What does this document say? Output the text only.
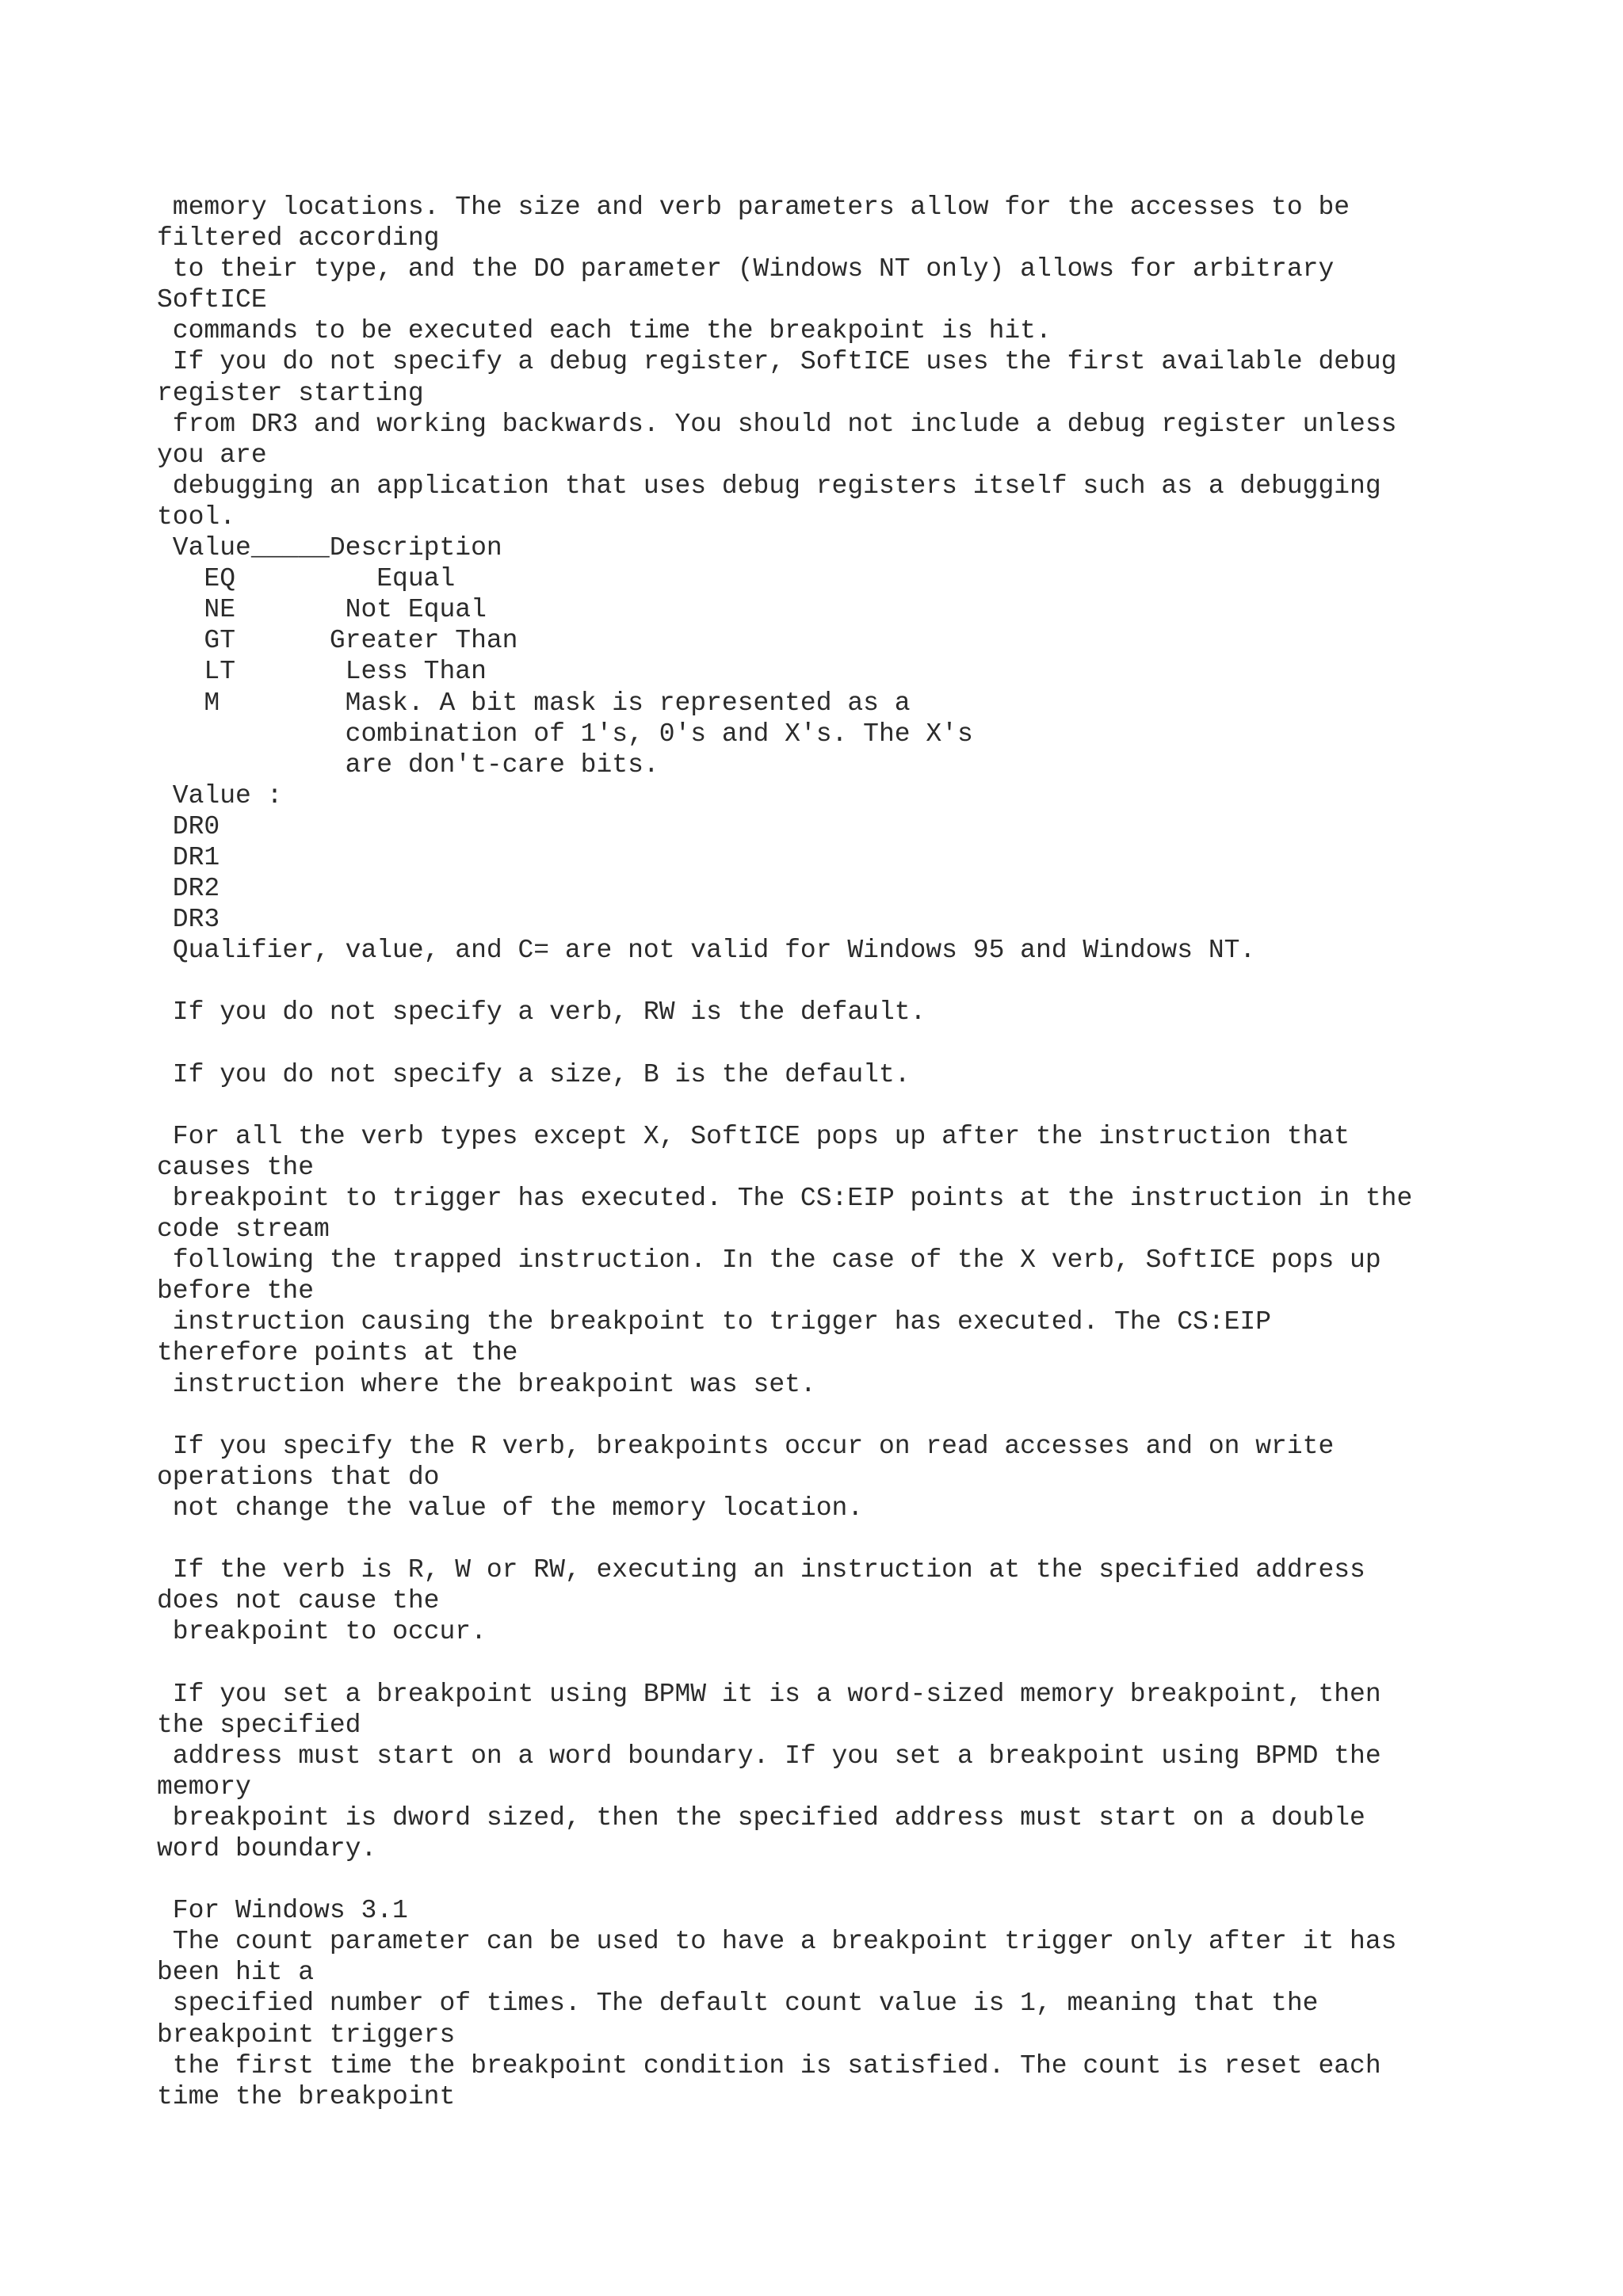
memory locations. The size and verb parameters allow for the accesses to be
filtered according
to their type, and the DO parameter (Windows NT only) allows for arbitrary
SoftICE
commands to be executed each time the breakpoint is hit.
If you do not specify a debug register, SoftICE uses the first available debug
register starting
from DR3 and working backwards. You should not include a debug register unless
you are
debugging an application that uses debug registers itself such as a debugging
tool.
Value_____Description
EQ         Equal
NE       Not Equal
GT      Greater Than
LT       Less Than
M        Mask. A bit mask is represented as a
combination of 1's, 0's and X's. The X's
are don't-care bits.
Value :
DR0
DR1
DR2
DR3
Qualifier, value, and C= are not valid for Windows 95 and Windows NT.
If you do not specify a verb, RW is the default.
If you do not specify a size, B is the default.
For all the verb types except X, SoftICE pops up after the instruction that
causes the
breakpoint to trigger has executed. The CS:EIP points at the instruction in the
code stream
following the trapped instruction. In the case of the X verb, SoftICE pops up
before the
instruction causing the breakpoint to trigger has executed. The CS:EIP
therefore points at the
instruction where the breakpoint was set.
If you specify the R verb, breakpoints occur on read accesses and on write
operations that do
not change the value of the memory location.
If the verb is R, W or RW, executing an instruction at the specified address
does not cause the
breakpoint to occur.
If you set a breakpoint using BPMW it is a word-sized memory breakpoint, then
the specified
address must start on a word boundary. If you set a breakpoint using BPMD the
memory
breakpoint is dword sized, then the specified address must start on a double
word boundary.
For Windows 3.1
The count parameter can be used to have a breakpoint trigger only after it has
been hit a
specified number of times. The default count value is 1, meaning that the
breakpoint triggers
the first time the breakpoint condition is satisfied. The count is reset each
time the breakpoint
